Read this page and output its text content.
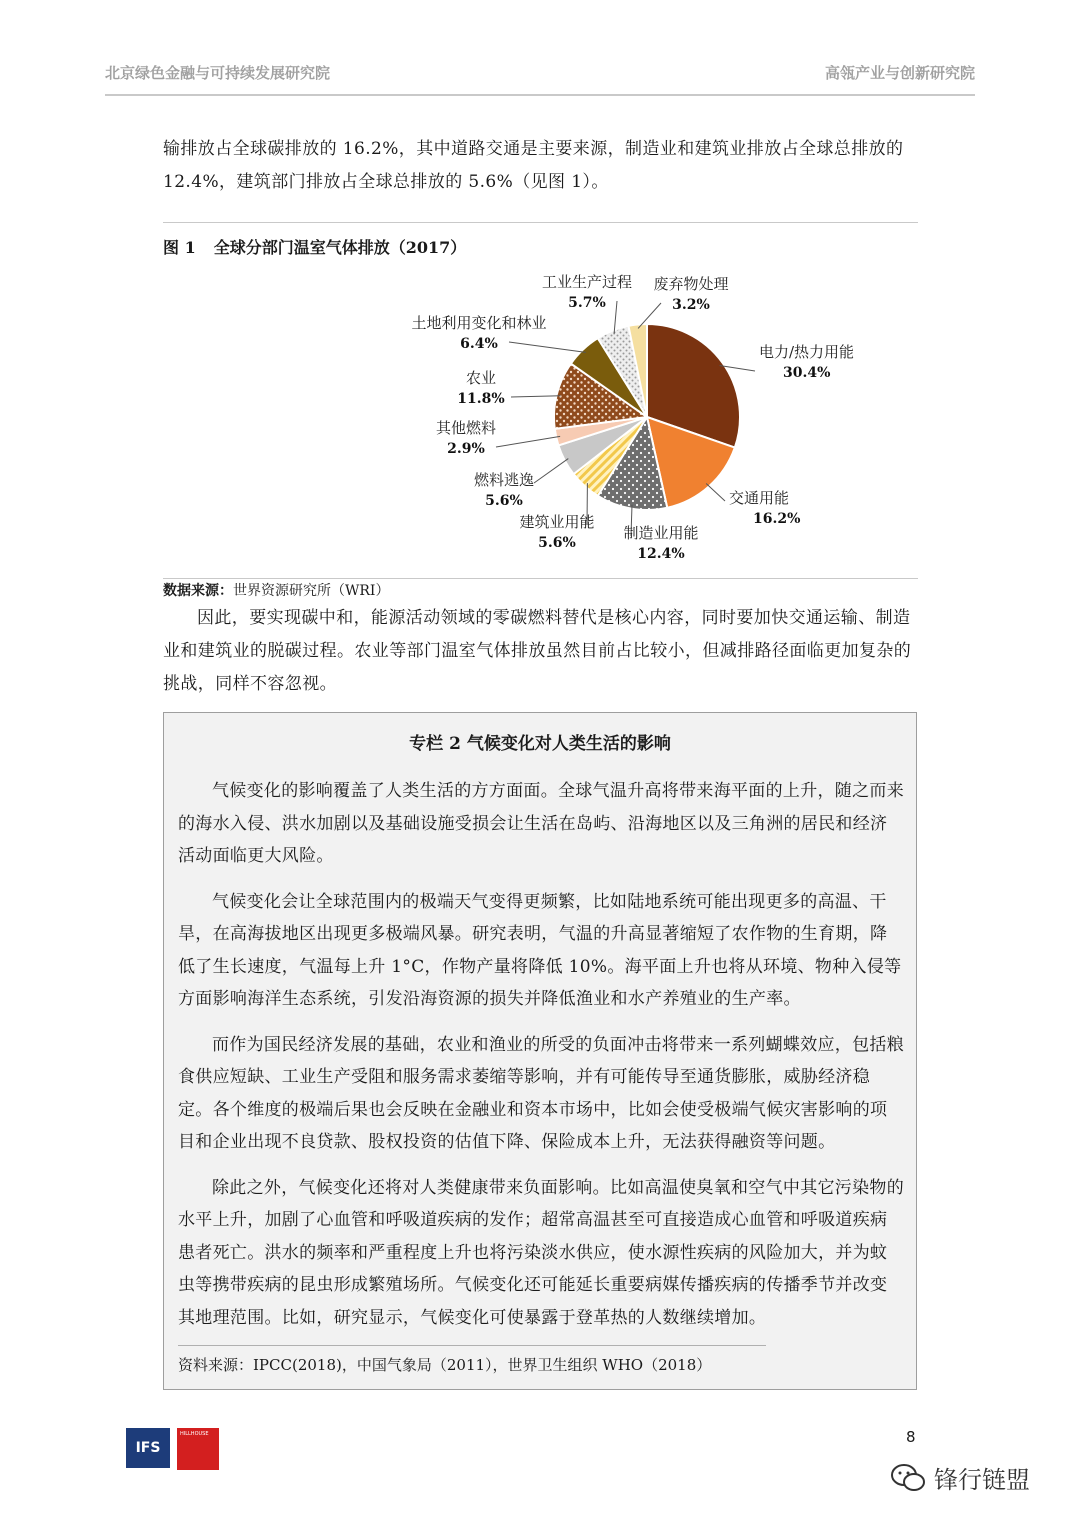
北京绿色金融与可持续发展研究院	高瓴产业与创新研究院

输排放占全球碳排放的 16.2%，其中道路交通是主要来源，制造业和建筑业排放占全球总排放的 12.4%，建筑部门排放占全球总排放的 5.6%（见图 1）。

图 1 全球分部门温室气体排放（2017）
电力/热力用能
30.4%
交通用能
16.2%
制造业用能
12.4%
建筑业用能
5.6%
燃料逃逸
5.6%
其他燃料
2.9%
农业
11.8%
土地利用变化和林业
6.4%
工业生产过程
5.7%
废弃物处理
3.2%
数据来源：世界资源研究所（WRI）

因此，要实现碳中和，能源活动领域的零碳燃料替代是核心内容，同时要加快交通运输、制造业和建筑业的脱碳过程。农业等部门温室气体排放虽然目前占比较小，但减排路径面临更加复杂的挑战，同样不容忽视。

专栏 2 气候变化对人类生活的影响

气候变化的影响覆盖了人类生活的方方面面。全球气温升高将带来海平面的上升，随之而来的海水入侵、洪水加剧以及基础设施受损会让生活在岛屿、沿海地区以及三角洲的居民和经济活动面临更大风险。

气候变化会让全球范围内的极端天气变得更频繁，比如陆地系统可能出现更多的高温、干旱，在高海拔地区出现更多极端风暴。研究表明，气温的升高显著缩短了农作物的生育期，降低了生长速度，气温每上升 1°C，作物产量将降低 10%。海平面上升也将从环境、物种入侵等方面影响海洋生态系统，引发沿海资源的损失并降低渔业和水产养殖业的生产率。

而作为国民经济发展的基础，农业和渔业的所受的负面冲击将带来一系列蝴蝶效应，包括粮食供应短缺、工业生产受阻和服务需求萎缩等影响，并有可能传导至通货膨胀，威胁经济稳定。各个维度的极端后果也会反映在金融业和资本市场中，比如会使受极端气候灾害影响的项目和企业出现不良贷款、股权投资的估值下降、保险成本上升，无法获得融资等问题。

除此之外，气候变化还将对人类健康带来负面影响。比如高温使臭氧和空气中其它污染物的水平上升，加剧了心血管和呼吸道疾病的发作；超常高温甚至可直接造成心血管和呼吸道疾病患者死亡。洪水的频率和严重程度上升也将污染淡水供应，使水源性疾病的风险加大，并为蚊虫等携带疾病的昆虫形成繁殖场所。气候变化还可能延长重要病媒传播疾病的传播季节并改变其地理范围。比如，研究显示，气候变化可使暴露于登革热的人数继续增加。

资料来源：IPCC(2018)，中国气象局（2011），世界卫生组织 WHO（2018）
IFS
HILLHOUSE	8
锋行链盟
